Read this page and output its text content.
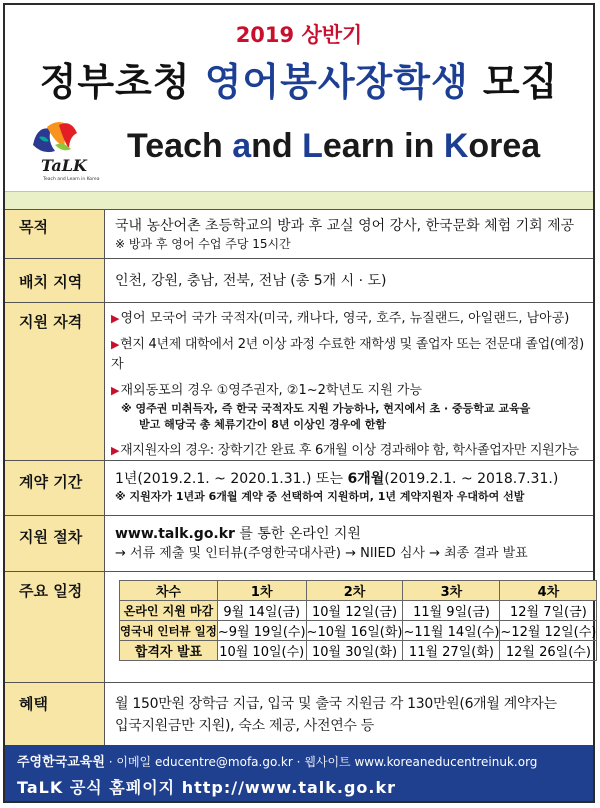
2019 상반기
정부초청 영어봉사장학생 모집
TaLK
Teach and Learn in Korea
Teach and Learn in Korea
목적	국내 농산어촌 초등학교의 방과 후 교실 영어 강사, 한국문화 체험 기회 제공
※ 방과 후 영어 수업 주당 15시간
배치 지역	인천, 강원, 충남, 전북, 전남 (총 5개 시 · 도)
지원 자격	▶영어 모국어 국가 국적자(미국, 캐나다, 영국, 호주, 뉴질랜드, 아일랜드, 남아공)
▶현지 4년제 대학에서 2년 이상 과정 수료한 재학생 및 졸업자 또는 전문대 졸업(예정)자
▶재외동포의 경우 ①영주권자, ②1~2학년도 지원 가능
※ 영주권 미취득자, 즉 한국 국적자도 지원 가능하나, 현지에서 초 · 중등학교 교육을
받고 해당국 총 체류기간이 8년 이상인 경우에 한함
▶재지원자의 경우: 장학기간 완료 후 6개월 이상 경과해야 함, 학사졸업자만 지원가능
계약 기간	1년(2019.2.1. ~ 2020.1.31.) 또는 6개월(2019.2.1. ~ 2018.7.31.)
※ 지원자가 1년과 6개월 계약 중 선택하여 지원하며, 1년 계약지원자 우대하여 선발
지원 절차	www.talk.go.kr 를 통한 온라인 지원
→ 서류 제출 및 인터뷰(주영한국대사관) → NIIED 심사 → 최종 결과 발표
주요 일정	차수	1차	2차	3차	4차
온라인 지원 마감	9월 14일(금)	10월 12일(금)	11월 9일(금)	12월 7일(금)
영국내 인터뷰 일정	~9월 19일(수)	~10월 16일(화)	~11월 14일(수)	~12월 12일(수)
합격자 발표	10월 10일(수)	10월 30일(화)	11월 27일(화)	12월 26일(수)
혜택	월 150만원 장학금 지급, 입국 및 출국 지원금 각 130만원(6개월 계약자는
입국지원금만 지원), 숙소 제공, 사전연수 등
주영한국교육원 · 이메일 educentre@mofa.go.kr · 웹사이트 www.koreaneducentreinuk.org
TaLK 공식 홈페이지 http://www.talk.go.kr
